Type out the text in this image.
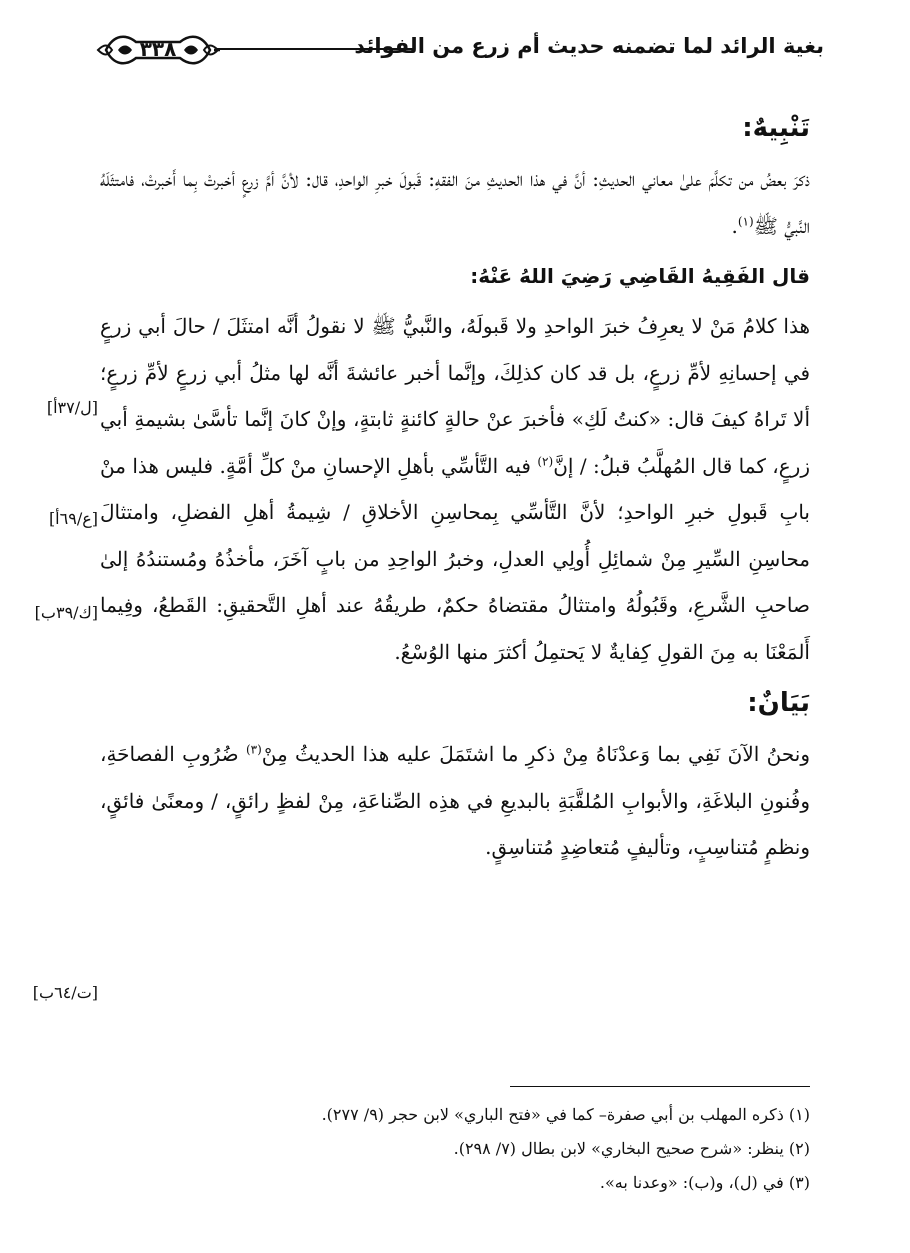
بغية الرائد لما تضمنه حديث أم زرع من الفوائد
٣٣٨

تَنْبِيهٌ:

ذكرَ بعضُ من تكلَّمَ علىٰ معاني الحديثِ: أنَّ في هذا الحديثِ منَ الفقهِ: قَبولَ خبرِ الواحدِ، قال: لأنَّ أمَّ زرعٍ أخبرتْ بِما أَخبرتْ، فامتثَلَهُ النَّبيُّ ﷺ$^{(١)}$.

قال الفَقِيهُ القَاضِي رَضِيَ اللهُ عَنْهُ:

هذا كلامُ مَنْ لا يعرِفُ خبرَ الواحدِ ولا قَبولَهُ، والنَّبيُّ ﷺ لا نقولُ أنَّه امتثَلَ / حالَ أبي زرعٍ في إحسانِهِ لأمِّ زرعٍ، بل قد كان كذلِكَ، وإنَّما أخبر عائشةَ أنَّه لها مثلُ أبي زرعٍ لأمِّ زرعٍ؛ ألا تَراهُ كيفَ قال: «كنتُ لَكِ» فأخبرَ عنْ حالةٍ كائنةٍ ثابتةٍ، وإنْ كانَ إنَّما تأسَّىٰ بشيمةِ أبي زرعٍ، كما قال المُهلَّبُ قبلُ: / إنَّ$^{(٢)}$ فيه التَّأسِّي بأهلِ الإحسانِ منْ كلِّ أمَّةٍ. فليس هذا منْ بابِ قَبولِ خبرِ الواحدِ؛ لأنَّ التَّأسِّي بِمحاسِنِ الأخلاقِ / شِيمةُ أهلِ الفضلِ، وامتثالَ محاسِنِ السِّيرِ مِنْ شمائِلِ أُولِي العدلِ، وخبرُ الواحِدِ من بابٍ آخَرَ، مأخذُهُ ومُستندُهُ إلىٰ صاحبِ الشَّرعِ، وقَبُولُهُ وامتثالُ مقتضاهُ حكمٌ، طريقُهُ عند أهلِ التَّحقيقِ: القَطعُ، وفِيما أَلمَعْنَا به مِنَ القولِ كِفايةٌ لا يَحتمِلُ أكثرَ منها الوُسْعُ.

بَيَانٌ:

ونحنُ الآنَ نَفِي بما وَعدْنَاهُ مِنْ ذكرِ ما اشتَمَلَ عليه هذا الحديثُ مِنْ$^{(٣)}$ ضُرُوبِ الفصاحَةِ، وفُنونِ البلاغَةِ، والأبوابِ المُلقَّبَةِ بالبديعِ في هذِه الصِّناعَةِ، مِنْ لفظٍ رائقٍ، / ومعنًىٰ فائقٍ، ونظمٍ مُتناسِبٍ، وتأليفٍ مُتعاضِدٍ مُتناسِقٍ.

[ل/٣٧أ]
[ع/٦٩أ]
[ك/٣٩ب]
[ت/٦٤ب]

(١) ذكره المهلب بن أبي صفرة– كما في «فتح الباري» لابن حجر (٩/ ٢٧٧).

(٢) ينظر: «شرح صحيح البخاري» لابن بطال (٧/ ٢٩٨).

(٣) في (ل)، و(ب): «وعدنا به».
